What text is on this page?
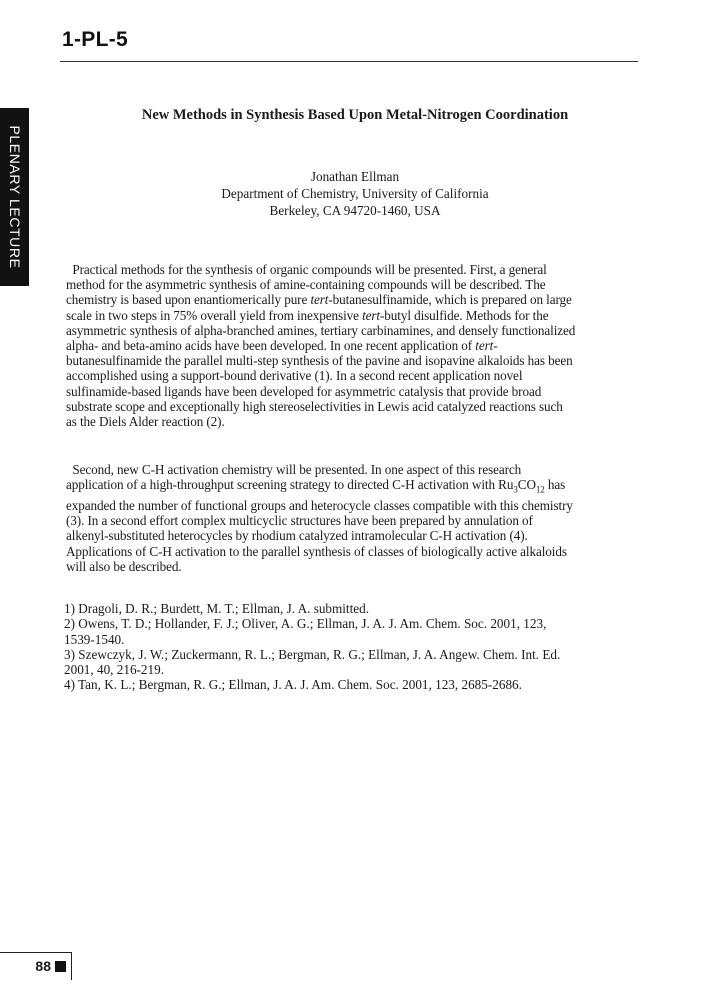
1-PL-5
PLENARY LECTURE
New Methods in Synthesis Based Upon Metal-Nitrogen Coordination
Jonathan Ellman
Department of Chemistry, University of California
Berkeley, CA 94720-1460, USA
Practical methods for the synthesis of organic compounds will be presented. First, a general
method for the asymmetric synthesis of amine-containing compounds will be described. The
chemistry is based upon enantiomerically pure tert-butanesulfinamide, which is prepared on large
scale in two steps in 75% overall yield from inexpensive tert-butyl disulfide. Methods for the
asymmetric synthesis of alpha-branched amines, tertiary carbinamines, and densely functionalized
alpha- and beta-amino acids have been developed. In one recent application of tert-
butanesulfinamide the parallel multi-step synthesis of the pavine and isopavine alkaloids has been
accomplished using a support-bound derivative (1). In a second recent application novel
sulfinamide-based ligands have been developed for asymmetric catalysis that provide broad
substrate scope and exceptionally high stereoselectivities in Lewis acid catalyzed reactions such
as the Diels Alder reaction (2).
Second, new C-H activation chemistry will be presented. In one aspect of this research
application of a high-throughput screening strategy to directed C-H activation with $Ru_3CO_{12}$ has
expanded the number of functional groups and heterocycle classes compatible with this chemistry
(3). In a second effort complex multicyclic structures have been prepared by annulation of
alkenyl-substituted heterocycles by rhodium catalyzed intramolecular C-H activation (4).
Applications of C-H activation to the parallel synthesis of classes of biologically active alkaloids
will also be described.
1) Dragoli, D. R.; Burdett, M. T.; Ellman, J. A. submitted.
2) Owens, T. D.; Hollander, F. J.; Oliver, A. G.; Ellman, J. A. J. Am. Chem. Soc. 2001, 123,
1539-1540.
3) Szewczyk, J. W.; Zuckermann, R. L.; Bergman, R. G.; Ellman, J. A. Angew. Chem. Int. Ed.
2001, 40, 216-219.
4) Tan, K. L.; Bergman, R. G.; Ellman, J. A. J. Am. Chem. Soc. 2001, 123, 2685-2686.
88
